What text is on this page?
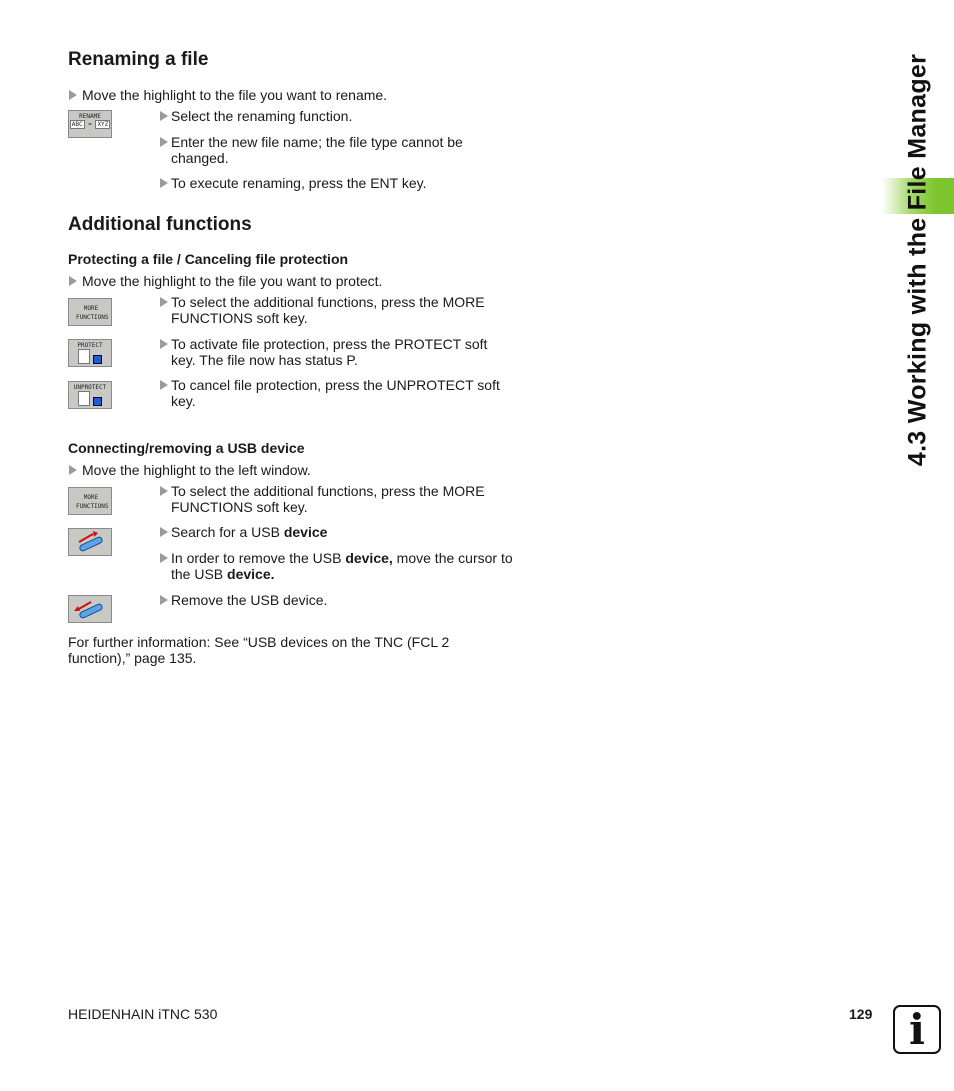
Renaming a file
Move the highlight to the file you want to rename.
RENAME
ABC = XYZ
Select the renaming function.
Enter the new file name; the file type cannot be changed.
To execute renaming, press the ENT key.
Additional functions
Protecting a file / Canceling file protection
Move the highlight to the file you want to protect.
MORE FUNCTIONS
To select the additional functions, press the MORE FUNCTIONS soft key.
PROTECT
	To activate file protection, press the PROTECT soft key. The file now has status P.
UNPROTECT
	To cancel file protection, press the UNPROTECT soft key.
Connecting/removing a USB device
Move the highlight to the left window.
MORE FUNCTIONS
To select the additional functions, press the MORE FUNCTIONS soft key.
Search for a USB device
In order to remove the USB device, move the cursor to the USB device.
Remove the USB device.
For further information: See “USB devices on the TNC (FCL 2 function),” page 135.
4.3 Working with the File Manager
HEIDENHAIN iTNC 530	129 i
